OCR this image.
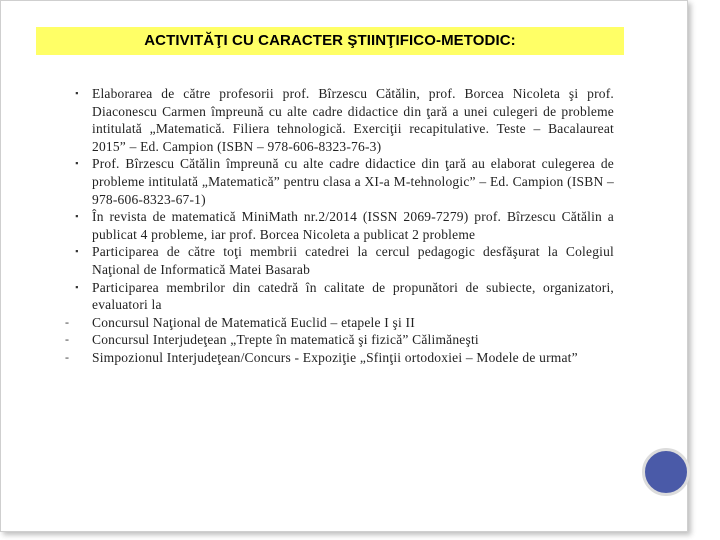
ACTIVITĂŢI CU CARACTER ŞTIINŢIFICO-METODIC:
▪ Elaborarea de către profesorii prof. Bîrzescu Cătălin, prof. Borcea Nicoleta şi prof. Diaconescu Carmen împreună cu alte cadre didactice din ţară a unei culegeri de probleme intitulată „Matematică. Filiera tehnologică. Exerciţii recapitulative. Teste – Bacalaureat 2015” – Ed. Campion (ISBN – 978-606-8323-76-3)
▪ Prof. Bîrzescu Cătălin împreună cu alte cadre didactice din ţară au elaborat culegerea de probleme intitulată „Matematică” pentru clasa a XI-a M-tehnologic” – Ed. Campion (ISBN – 978-606-8323-67-1)
▪ În revista de matematică MiniMath nr.2/2014 (ISSN 2069-7279) prof. Bîrzescu Cătălin a publicat 4 probleme, iar prof. Borcea Nicoleta a publicat 2 probleme
▪ Participarea de către toţi membrii catedrei la cercul pedagogic desfăşurat la Colegiul Naţional de Informatică Matei Basarab
▪ Participarea membrilor din catedră în calitate de propunători de subiecte, organizatori, evaluatori la
-	Concursul Naţional de Matematică Euclid – etapele I şi II
-	Concursul Interjudeţean „Trepte în matematică şi fizică” Călimăneşti
-	Simpozionul Interjudeţean/Concurs - Expoziţie „Sfinţii ortodoxiei – Modele de urmat”
